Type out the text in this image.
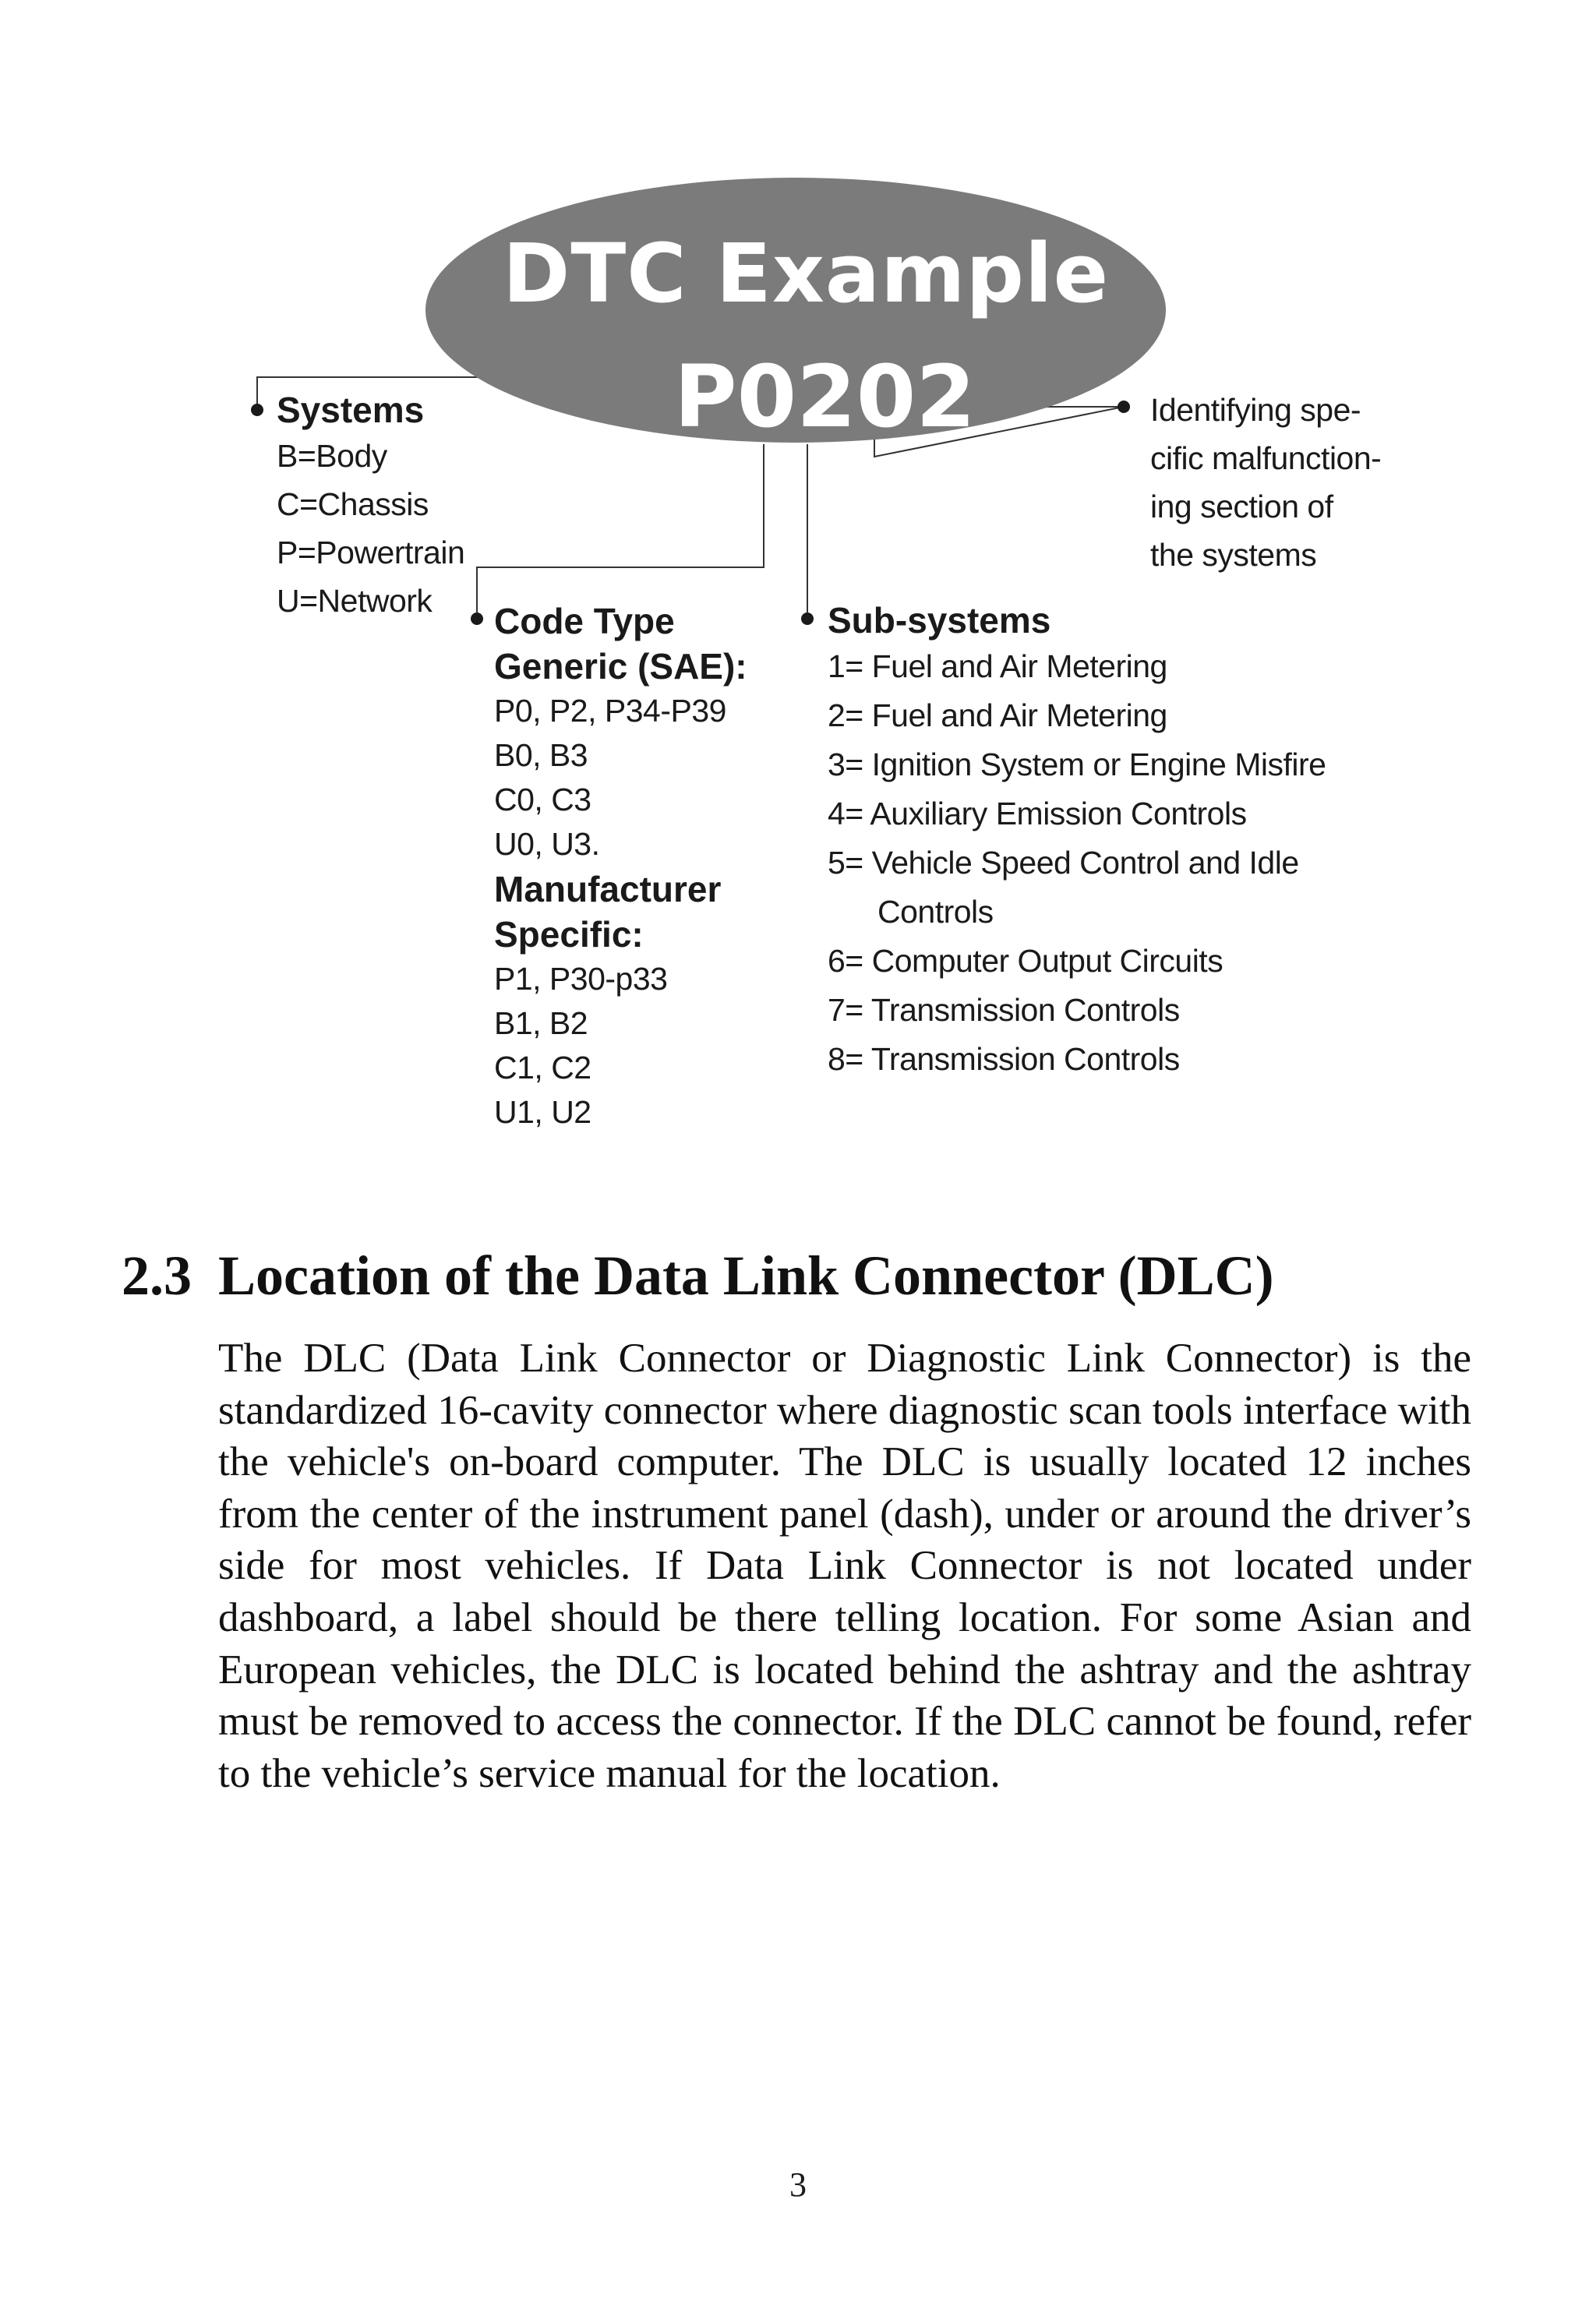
DTC Example
P0202
Systems
B=Body
C=Chassis
P=Powertrain
U=Network	Code Type
Generic (SAE):
P0, P2, P34-P39
B0, B3
C0, C3
U0, U3.
Manufacturer
Specific:
P1, P30-p33
B1, B2
C1, C2
U1, U2
Sub-systems
1= Fuel and Air Metering
2= Fuel and Air Metering
3= Ignition System or Engine Misfire
4= Auxiliary Emission Controls
5= Vehicle Speed Control and Idle
Controls
6= Computer Output Circuits
7= Transmission Controls
8= Transmission Controls
Identifying spe-
cific malfunction-
ing section of
the systems
2.3 Location of the Data Link Connector (DLC)
The DLC (Data Link Connector or Diagnostic Link Connector) is the standardized 16-cavity connector where diagnostic scan tools interface with the vehicle's on-board computer. The DLC is usually located 12 inches from the center of the instrument panel (dash), under or around the driver’s side for most vehicles. If Data Link Connector is not located under dashboard, a label should be there telling location. For some Asian and European vehicles, the DLC is located behind the ashtray and the ashtray must be removed to access the connector. If the DLC cannot be found, refer to the vehicle’s service manual for the location.
3
